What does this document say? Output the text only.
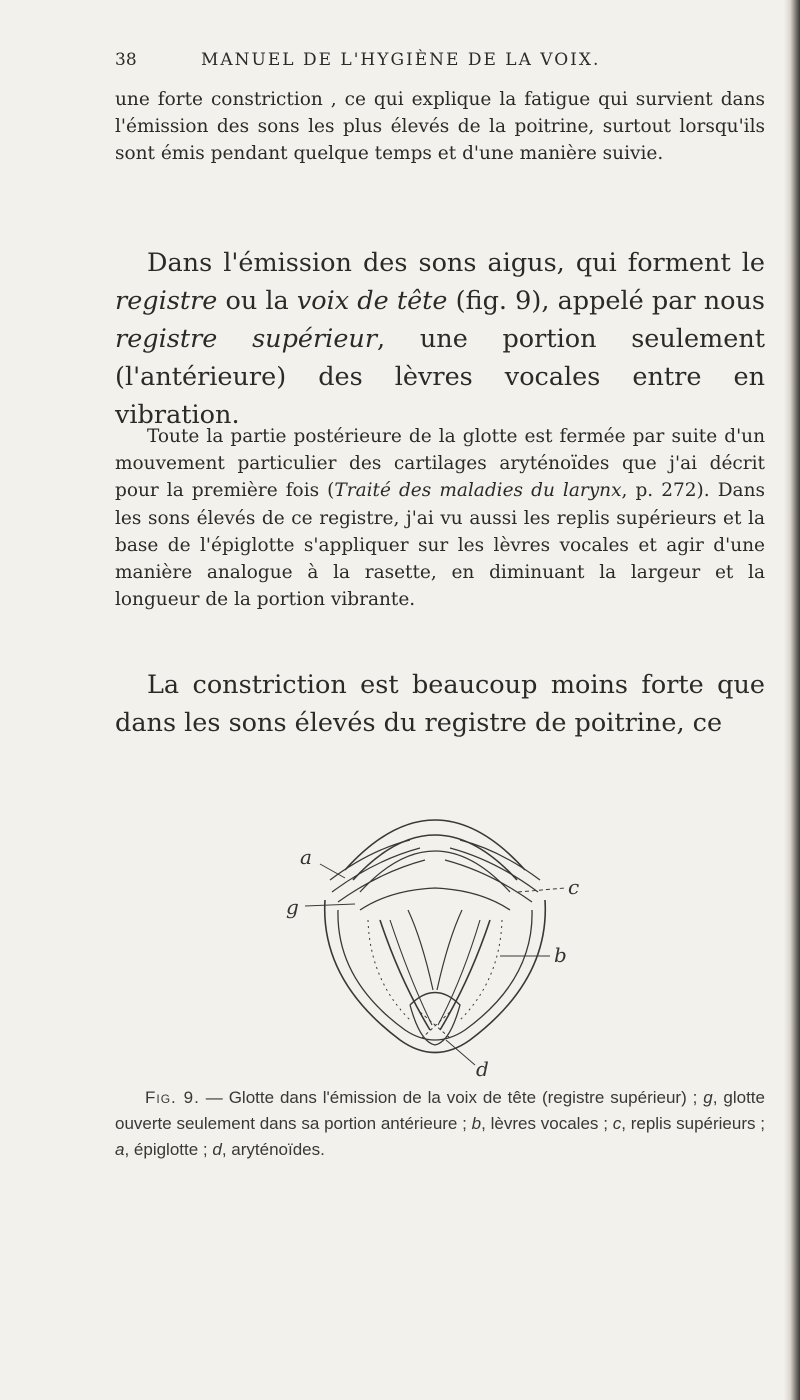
38	MANUEL DE L'HYGIÈNE DE LA VOIX.

une forte constriction , ce qui explique la fatigue qui survient dans l'émission des sons les plus élevés de la poitrine, surtout lorsqu'ils sont émis pendant quelque temps et d'une manière suivie.

Dans l'émission des sons aigus, qui forment le registre ou la voix de tête (fig. 9), appelé par nous registre supérieur, une portion seulement (l'antérieure) des lèvres vocales entre en vibration.

Toute la partie postérieure de la glotte est fermée par suite d'un mouvement particulier des cartilages aryténoïdes que j'ai décrit pour la première fois (Traité des maladies du larynx, p. 272). Dans les sons élevés de ce registre, j'ai vu aussi les replis supérieurs et la base de l'épiglotte s'appliquer sur les lèvres vocales et agir d'une manière analogue à la rasette, en diminuant la largeur et la longueur de la portion vibrante.

La constriction est beaucoup moins forte que dans les sons élevés du registre de poitrine, ce

a
c
g
b
d

Fig. 9. — Glotte dans l'émission de la voix de tête (registre supérieur) ; g, glotte ouverte seulement dans sa portion antérieure ; b, lèvres vocales ; c, replis supérieurs ; a, épiglotte ; d, aryténoïdes.
